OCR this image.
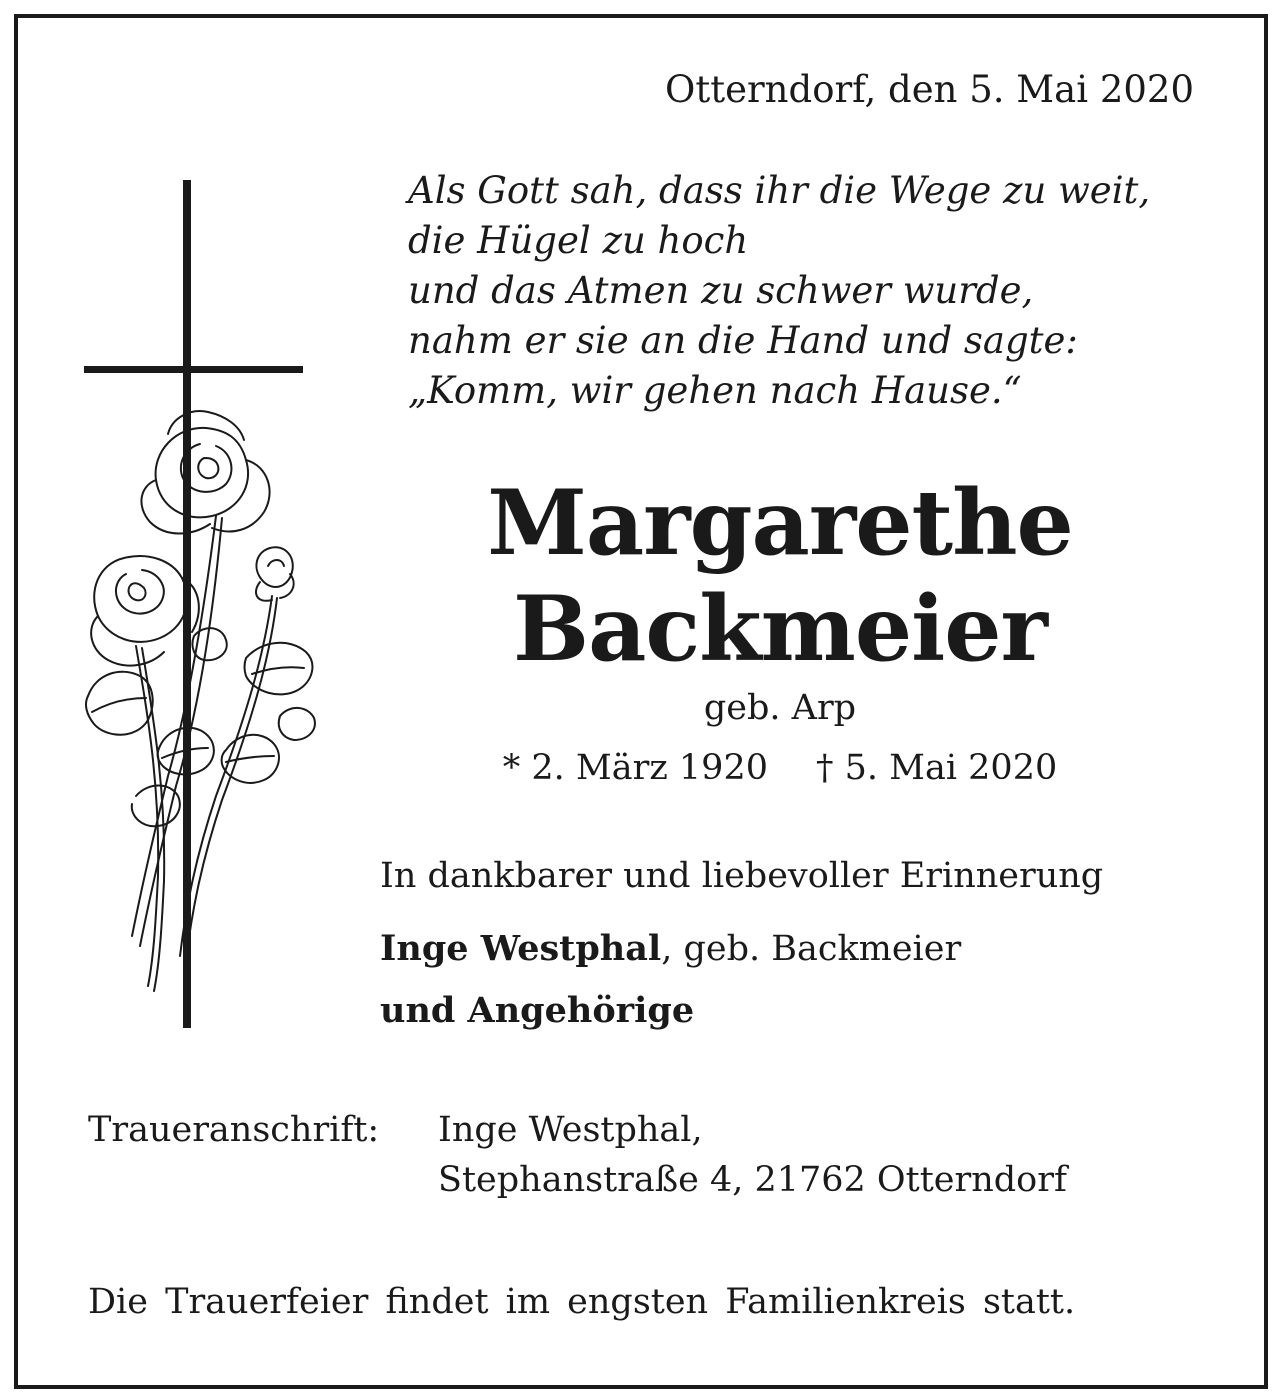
Otterndorf, den 5. Mai 2020
Als Gott sah, dass ihr die Wege zu weit,
die Hügel zu hoch
und das Atmen zu schwer wurde,
nahm er sie an die Hand und sagte:
„Komm, wir gehen nach Hause.“
Margarethe
Backmeier
geb. Arp
* 2. März 1920 † 5. Mai 2020
In dankbarer und liebevoller Erinnerung
Inge Westphal, geb. Backmeier
und Angehörige
Traueranschrift: Inge Westphal,
Stephanstraße 4, 21762 Otterndorf
Die Trauerfeier findet im engsten Familienkreis statt.
